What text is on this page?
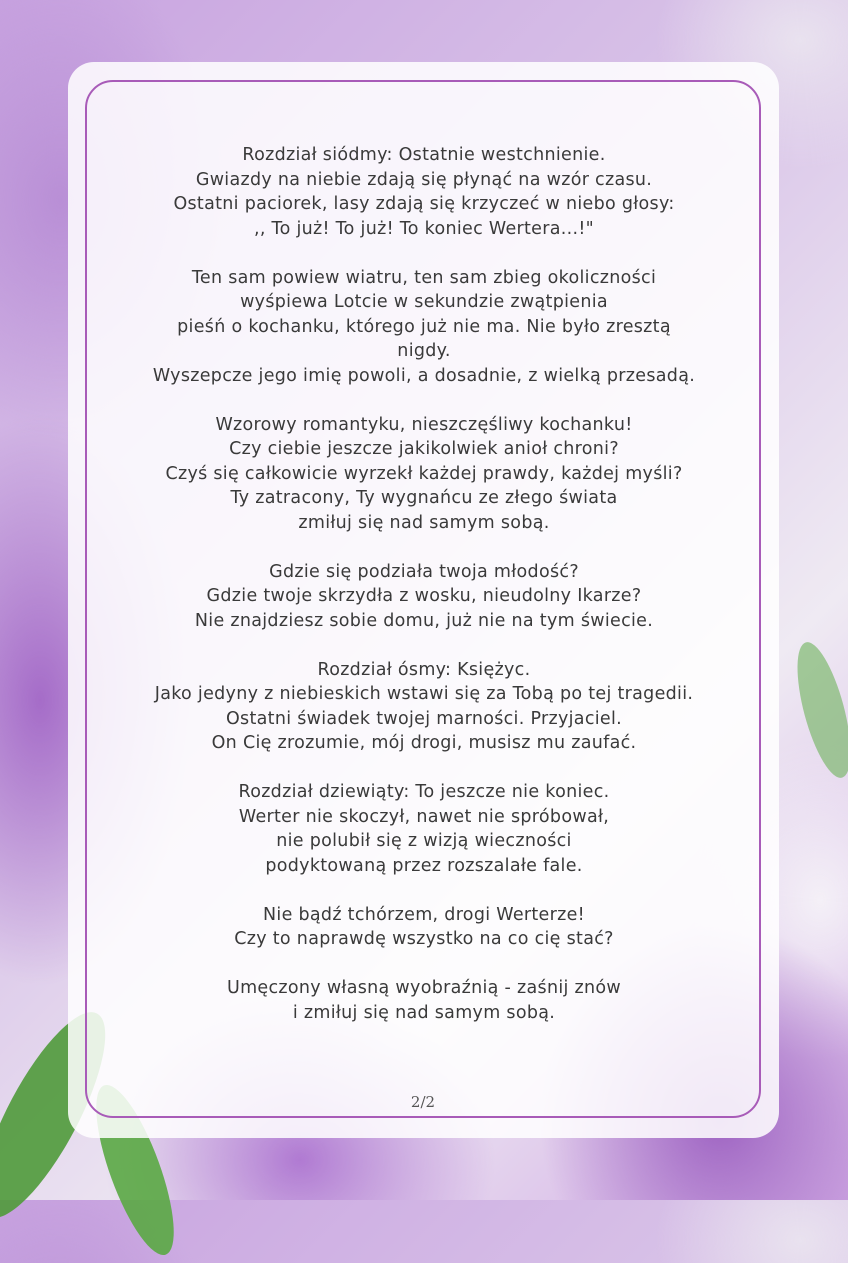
Rozdział siódmy: Ostatnie westchnienie.
Gwiazdy na niebie zdają się płynąć na wzór czasu.
Ostatni paciorek, lasy zdają się krzyczeć w niebo głosy:
,, To już! To już! To koniec Wertera...!"

Ten sam powiew wiatru, ten sam zbieg okoliczności
wyśpiewa Lotcie w sekundzie zwątpienia
pieśń o kochanku, którego już nie ma. Nie było zresztą
nigdy.
Wyszepcze jego imię powoli, a dosadnie, z wielką przesadą.

Wzorowy romantyku, nieszczęśliwy kochanku!
Czy ciebie jeszcze jakikolwiek anioł chroni?
Czyś się całkowicie wyrzekł każdej prawdy, każdej myśli?
Ty zatracony, Ty wygnańcu ze złego świata
zmiłuj się nad samym sobą.

Gdzie się podziała twoja młodość?
Gdzie twoje skrzydła z wosku, nieudolny Ikarze?
Nie znajdziesz sobie domu, już nie na tym świecie.

Rozdział ósmy: Księżyc.
Jako jedyny z niebieskich wstawi się za Tobą po tej tragedii.
Ostatni świadek twojej marności. Przyjaciel.
On Cię zrozumie, mój drogi, musisz mu zaufać.

Rozdział dziewiąty: To jeszcze nie koniec.
Werter nie skoczył, nawet nie spróbował,
nie polubił się z wizją wieczności
podyktowaną przez rozszalałe fale.

Nie bądź tchórzem, drogi Werterze!
Czy to naprawdę wszystko na co cię stać?

Umęczony własną wyobraźnią - zaśnij znów
i zmiłuj się nad samym sobą.

2/2
